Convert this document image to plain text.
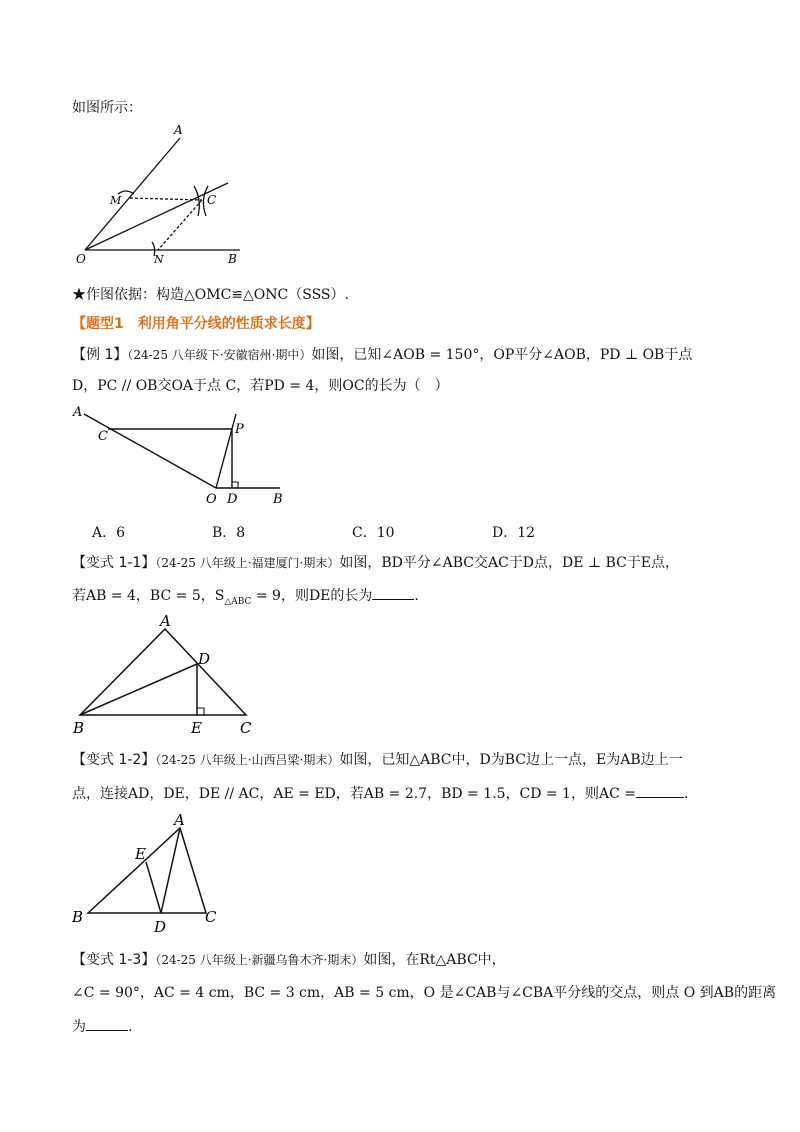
如图所示：
A
M	C
O	N	B
★作图依据：构造△OMC≌△ONC（SSS）.
【题型1　利用角平分线的性质求长度】
【例 1】（24-25 八年级下·安徽宿州·期中）如图，已知∠AOB = 150°，OP平分∠AOB，PD ⊥ OB于点
D，PC // OB交OA于点 C，若PD = 4，则OC的长为（　）
A
C	P
O D	B
A．6	B．8	C．10	D．12
【变式 1-1】（24-25 八年级上·福建厦门·期末）如图，BD平分∠ABC交AC于D点，DE ⊥ BC于E点，
若AB = 4，BC = 5，$S_{\triangle ABC} = 9$，则DE的长为	.
A
D
B	E	C
【变式 1-2】（24-25 八年级上·山西吕梁·期末）如图，已知△ABC中，D为BC边上一点，E为AB边上一
点，连接AD，DE，DE // AC，AE = ED，若AB = 2.7，BD = 1.5，CD = 1，则AC =	.
A
E
B
D
C
【变式 1-3】（24-25 八年级上·新疆乌鲁木齐·期末）如图，在Rt△ABC中，
∠C = 90°，AC = 4 cm，BC = 3 cm，AB = 5 cm，O 是∠CAB与∠CBA平分线的交点，则点 O 到AB的距离
为	.
